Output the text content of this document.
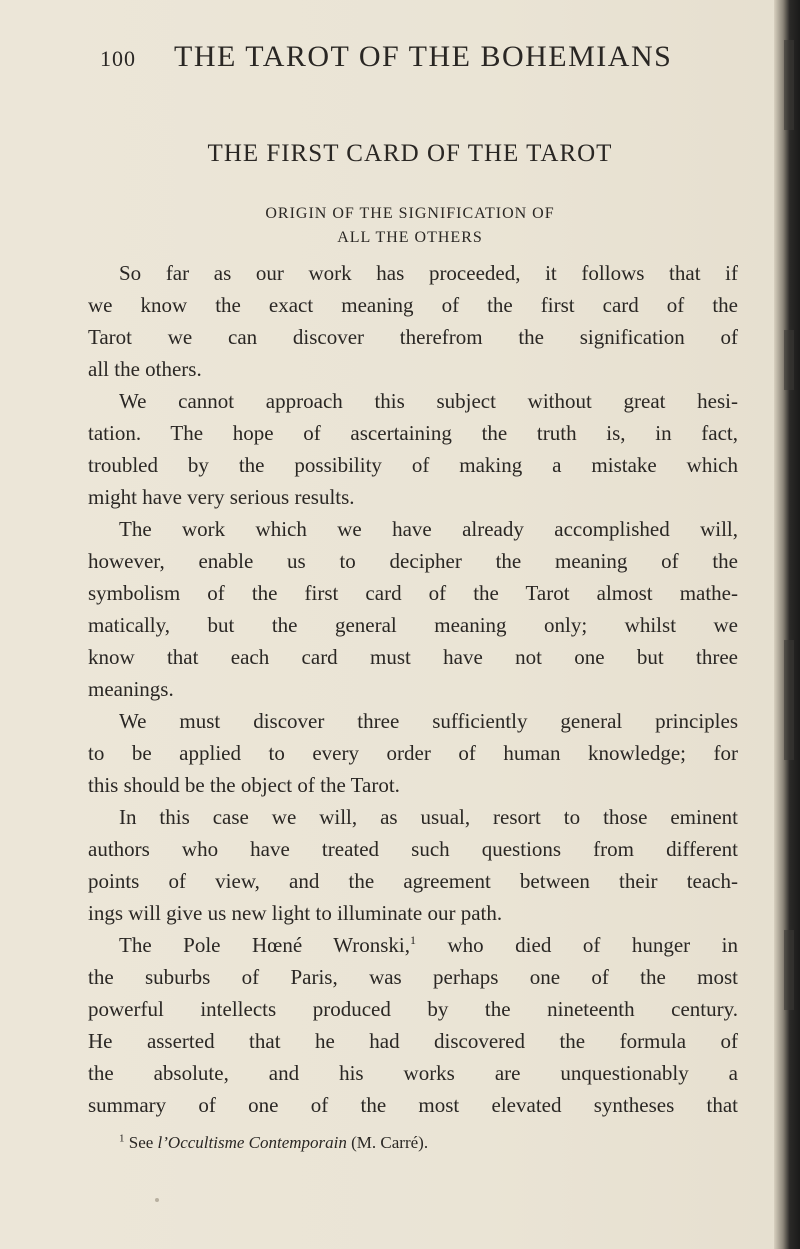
100 THE TAROT OF THE BOHEMIANS
THE FIRST CARD OF THE TAROT
ORIGIN OF THE SIGNIFICATION OF
ALL THE OTHERS
So far as our work has proceeded, it follows that if
we know the exact meaning of the first card of the
Tarot we can discover therefrom the signification of
all the others.
We cannot approach this subject without great hesi-
tation. The hope of ascertaining the truth is, in fact,
troubled by the possibility of making a mistake which
might have very serious results.
The work which we have already accomplished will,
however, enable us to decipher the meaning of the
symbolism of the first card of the Tarot almost mathe-
matically, but the general meaning only; whilst we
know that each card must have not one but three
meanings.
We must discover three sufficiently general principles
to be applied to every order of human knowledge; for
this should be the object of the Tarot.
In this case we will, as usual, resort to those eminent
authors who have treated such questions from different
points of view, and the agreement between their teach-
ings will give us new light to illuminate our path.
The Pole Hœné Wronski,$^1$ who died of hunger in
the suburbs of Paris, was perhaps one of the most
powerful intellects produced by the nineteenth century.
He asserted that he had discovered the formula of
the absolute, and his works are unquestionably a
summary of one of the most elevated syntheses that
$^1$ See l’Occultisme Contemporain (M. Carré).
